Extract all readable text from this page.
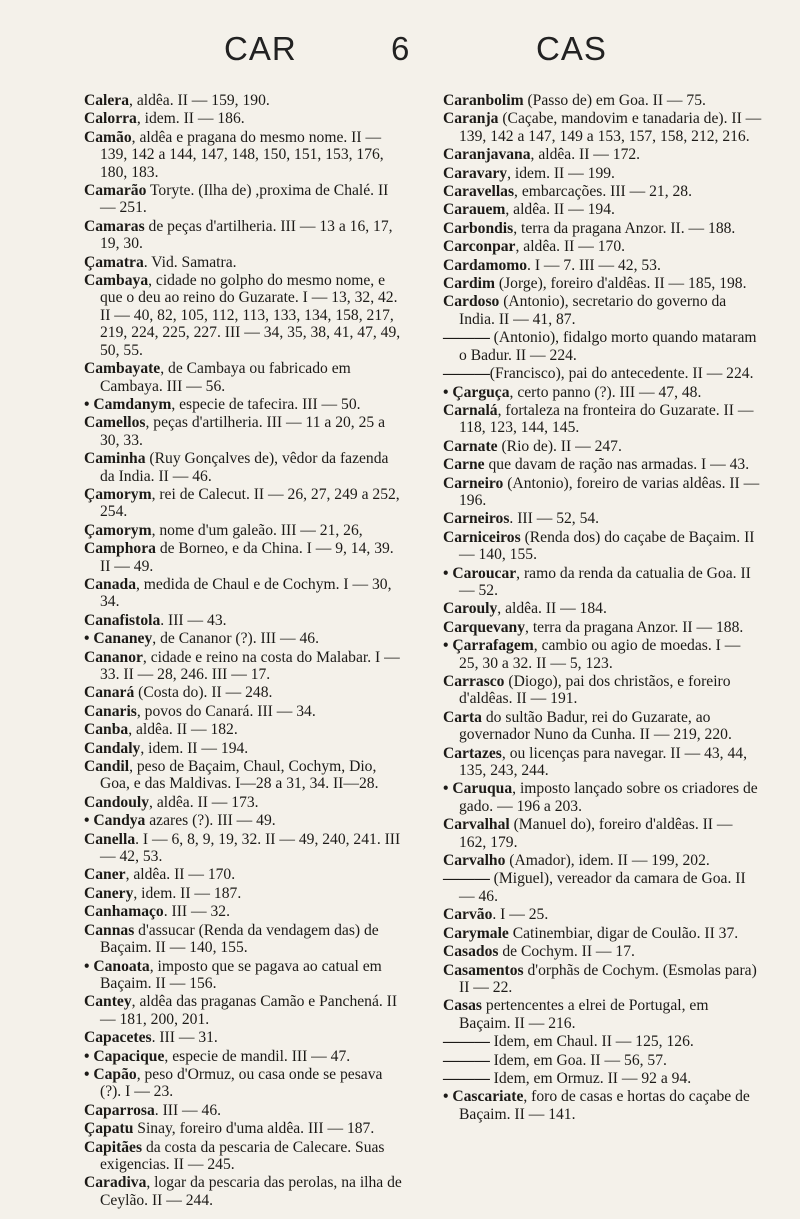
CAR	6	CAS

Calera, aldêa. II — 159, 190.

Calorra, idem. II — 186.

Camão, aldêa e pragana do mesmo nome. II — 139, 142 a 144, 147, 148, 150, 151, 153, 176, 180, 183.

Camarão Toryte. (Ilha de) ,proxima de Chalé. II — 251.

Camaras de peças d'artilheria. III — 13 a 16, 17, 19, 30.

Çamatra. Vid. Samatra.

Cambaya, cidade no golpho do mesmo nome, e que o deu ao reino do Guzarate. I — 13, 32, 42. II — 40, 82, 105, 112, 113, 133, 134, 158, 217, 219, 224, 225, 227. III — 34, 35, 38, 41, 47, 49, 50, 55.

Cambayate, de Cambaya ou fabricado em Cambaya. III — 56.

• Camdanym, especie de tafecira. III — 50.

Camellos, peças d'artilheria. III — 11 a 20, 25 a 30, 33.

Caminha (Ruy Gonçalves de), vêdor da fazenda da India. II — 46.

Çamorym, rei de Calecut. II — 26, 27, 249 a 252, 254.

Çamorym, nome d'um galeão. III — 21, 26,

Camphora de Borneo, e da China. I — 9, 14, 39. II — 49.

Canada, medida de Chaul e de Cochym. I — 30, 34.

Canafistola. III — 43.

• Cananey, de Cananor (?). III — 46.

Cananor, cidade e reino na costa do Malabar. I — 33. II — 28, 246. III — 17.

Canará (Costa do). II — 248.

Canaris, povos do Canará. III — 34.

Canba, aldêa. II — 182.

Candaly, idem. II — 194.

Candil, peso de Baçaim, Chaul, Cochym, Dio, Goa, e das Maldivas. I—28 a 31, 34. II—28.

Candouly, aldêa. II — 173.

• Candya azares (?). III — 49.

Canella. I — 6, 8, 9, 19, 32. II — 49, 240, 241. III — 42, 53.

Caner, aldêa. II — 170.

Canery, idem. II — 187.

Canhamaço. III — 32.

Cannas d'assucar (Renda da vendagem das) de Baçaim. II — 140, 155.

• Canoata, imposto que se pagava ao catual em Baçaim. II — 156.

Cantey, aldêa das praganas Camão e Panchená. II — 181, 200, 201.

Capacetes. III — 31.

• Capacique, especie de mandil. III — 47.

• Capão, peso d'Ormuz, ou casa onde se pesava (?). I — 23.

Caparrosa. III — 46.

Çapatu Sinay, foreiro d'uma aldêa. III — 187.

Capitães da costa da pescaria de Calecare. Suas exigencias. II — 245.

Caradiva, logar da pescaria das perolas, na ilha de Ceylão. II — 244.

Caranbolim (Passo de) em Goa. II — 75.

Caranja (Caçabe, mandovim e tanadaria de). II — 139, 142 a 147, 149 a 153, 157, 158, 212, 216.

Caranjavana, aldêa. II — 172.

Caravary, idem. II — 199.

Caravellas, embarcações. III — 21, 28.

Carauem, aldêa. II — 194.

Carbondis, terra da pragana Anzor. II. — 188.

Carconpar, aldêa. II — 170.

Cardamomo. I — 7. III — 42, 53.

Cardim (Jorge), foreiro d'aldêas. II — 185, 198.

Cardoso (Antonio), secretario do governo da India. II — 41, 87.

——— (Antonio), fidalgo morto quando mataram o Badur. II — 224.

———(Francisco), pai do antecedente. II — 224.

• Çarguça, certo panno (?). III — 47, 48.

Carnalá, fortaleza na fronteira do Guzarate. II — 118, 123, 144, 145.

Carnate (Rio de). II — 247.

Carne que davam de ração nas armadas. I — 43.

Carneiro (Antonio), foreiro de varias aldêas. II — 196.

Carneiros. III — 52, 54.

Carniceiros (Renda dos) do caçabe de Baçaim. II — 140, 155.

• Caroucar, ramo da renda da catualia de Goa. II — 52.

Carouly, aldêa. II — 184.

Carquevany, terra da pragana Anzor. II — 188.

• Çarrafagem, cambio ou agio de moedas. I — 25, 30 a 32. II — 5, 123.

Carrasco (Diogo), pai dos christãos, e foreiro d'aldêas. II — 191.

Carta do sultão Badur, rei do Guzarate, ao governador Nuno da Cunha. II — 219, 220.

Cartazes, ou licenças para navegar. II — 43, 44, 135, 243, 244.

• Caruqua, imposto lançado sobre os criadores de gado. — 196 a 203.

Carvalhal (Manuel do), foreiro d'aldêas. II — 162, 179.

Carvalho (Amador), idem. II — 199, 202.

——— (Miguel), vereador da camara de Goa. II — 46.

Carvão. I — 25.

Carymale Catinembiar, digar de Coulão. II 37.

Casados de Cochym. II — 17.

Casamentos d'orphãs de Cochym. (Esmolas para) II — 22.

Casas pertencentes a elrei de Portugal, em Baçaim. II — 216.

——— Idem, em Chaul. II — 125, 126.

——— Idem, em Goa. II — 56, 57.

——— Idem, em Ormuz. II — 92 a 94.

• Cascariate, foro de casas e hortas do caçabe de Baçaim. II — 141.
